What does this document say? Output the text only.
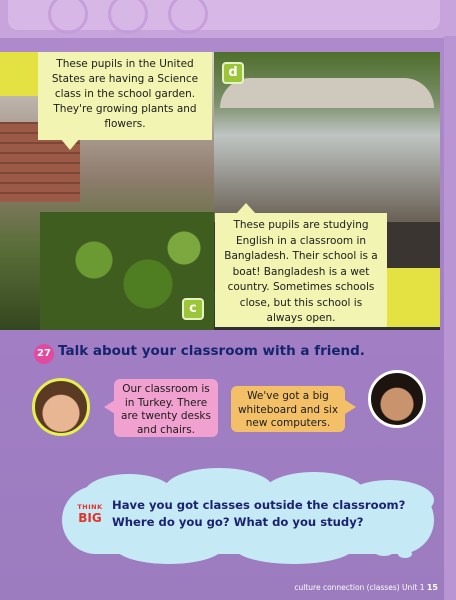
These pupils in the United States are having a Science class in the school garden. They're growing plants and flowers.
These pupils are studying English in a classroom in Bangladesh. Their school is a boat! Bangladesh is a wet country. Sometimes schools close, but this school is always open.
d
c
27 Talk about your classroom with a friend.
Our classroom is in Turkey. There are twenty desks and chairs.
We've got a big whiteboard and six new computers.
THINK
BIG
Have you got classes outside the classroom?
Where do you go? What do you study?
culture connection (classes) Unit 1 15
